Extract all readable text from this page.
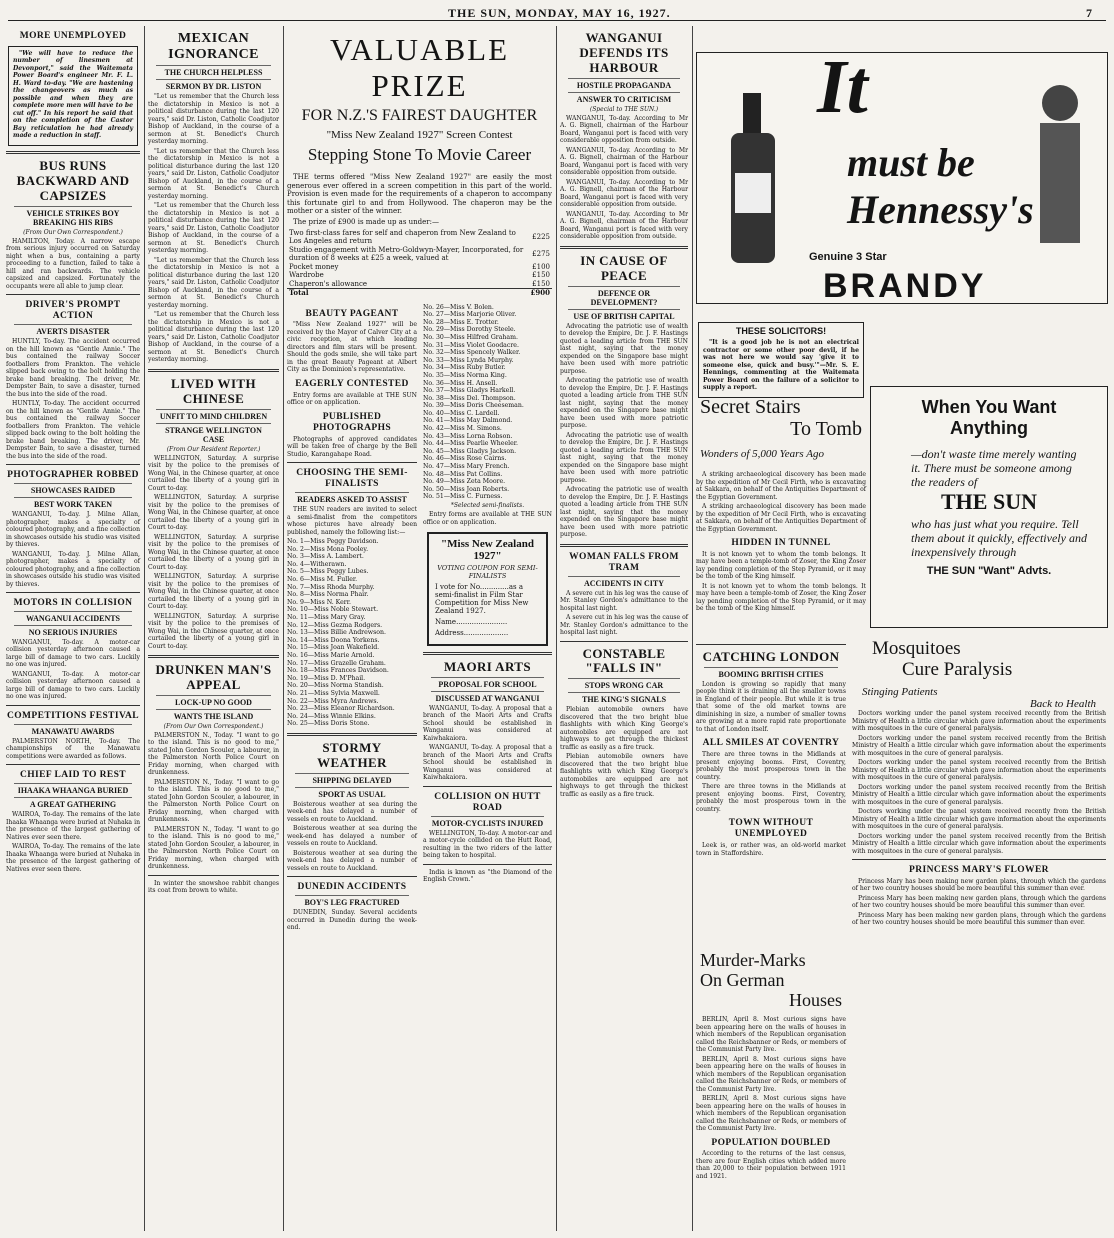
THE SUN, MONDAY, MAY 16, 1927.	7
MORE UNEMPLOYED

"We will have to reduce the number of linesmen at Devonport," said the Waitemata Power Board's engineer Mr. F. L. H. Ward to-day. "We are hastening the changeovers as much as possible and when they are complete more men will have to be cut off." In his report he said that on the completion of the Castor Bay reticulation he had already made a reduction in staff.

BUS RUNS BACKWARD AND CAPSIZES
VEHICLE STRIKES BOY BREAKING HIS RIBS

(From Our Own Correspondent.)

HAMILTON, Today. A narrow escape from serious injury occurred on Saturday night when a bus, containing a party proceeding to a function, failed to take a hill and ran backwards. The vehicle capsized and capsized. Fortunately the occupants were all able to jump clear.

DRIVER'S PROMPT ACTION
AVERTS DISASTER

HUNTLY, To-day. The accident occurred on the hill known as "Gentle Annie." The bus contained the railway Soccer footballers from Frankton. The vehicle slipped back owing to the bolt holding the brake band breaking. The driver, Mr. Dempster Bain, to save a disaster, turned the bus into the side of the road.

HUNTLY, To-day. The accident occurred on the hill known as "Gentle Annie." The bus contained the railway Soccer footballers from Frankton. The vehicle slipped back owing to the bolt holding the brake band breaking. The driver, Mr. Dempster Bain, to save a disaster, turned the bus into the side of the road.

PHOTOGRAPHER ROBBED
SHOWCASES RAIDED
BEST WORK TAKEN

WANGANUI, To-day. J. Milne Allan, photographer, makes a specialty of coloured photography, and a fine collection in showcases outside his studio was visited by thieves.

WANGANUI, To-day. J. Milne Allan, photographer, makes a specialty of coloured photography, and a fine collection in showcases outside his studio was visited by thieves.

MOTORS IN COLLISION
WANGANUI ACCIDENTS
NO SERIOUS INJURIES

WANGANUI, To-day. A motor-car collision yesterday afternoon caused a large bill of damage to two cars. Luckily no one was injured.

WANGANUI, To-day. A motor-car collision yesterday afternoon caused a large bill of damage to two cars. Luckily no one was injured.

COMPETITIONS FESTIVAL
MANAWATU AWARDS

PALMERSTON NORTH, To-day. The championships of the Manawatu competitions were awarded as follows.

CHIEF LAID TO REST
IHAAKA WHAANGA BURIED
A GREAT GATHERING

WAIROA, To-day. The remains of the late Ihaaka Whaanga were buried at Nuhaka in the presence of the largest gathering of Natives ever seen there.

WAIROA, To-day. The remains of the late Ihaaka Whaanga were buried at Nuhaka in the presence of the largest gathering of Natives ever seen there.

MEXICAN IGNORANCE
THE CHURCH HELPLESS
SERMON BY DR. LISTON

"Let us remember that the Church less the dictatorship in Mexico is not a political disturbance during the last 120 years," said Dr. Liston, Catholic Coadjutor Bishop of Auckland, in the course of a sermon at St. Benedict's Church yesterday morning.

"Let us remember that the Church less the dictatorship in Mexico is not a political disturbance during the last 120 years," said Dr. Liston, Catholic Coadjutor Bishop of Auckland, in the course of a sermon at St. Benedict's Church yesterday morning.

"Let us remember that the Church less the dictatorship in Mexico is not a political disturbance during the last 120 years," said Dr. Liston, Catholic Coadjutor Bishop of Auckland, in the course of a sermon at St. Benedict's Church yesterday morning.

"Let us remember that the Church less the dictatorship in Mexico is not a political disturbance during the last 120 years," said Dr. Liston, Catholic Coadjutor Bishop of Auckland, in the course of a sermon at St. Benedict's Church yesterday morning.

"Let us remember that the Church less the dictatorship in Mexico is not a political disturbance during the last 120 years," said Dr. Liston, Catholic Coadjutor Bishop of Auckland, in the course of a sermon at St. Benedict's Church yesterday morning.

LIVED WITH CHINESE
UNFIT TO MIND CHILDREN
STRANGE WELLINGTON CASE

(From Our Resident Reporter.)

WELLINGTON, Saturday. A surprise visit by the police to the premises of Wong Wai, in the Chinese quarter, at once curtailed the liberty of a young girl in Court to-day.

WELLINGTON, Saturday. A surprise visit by the police to the premises of Wong Wai, in the Chinese quarter, at once curtailed the liberty of a young girl in Court to-day.

WELLINGTON, Saturday. A surprise visit by the police to the premises of Wong Wai, in the Chinese quarter, at once curtailed the liberty of a young girl in Court to-day.

WELLINGTON, Saturday. A surprise visit by the police to the premises of Wong Wai, in the Chinese quarter, at once curtailed the liberty of a young girl in Court to-day.

WELLINGTON, Saturday. A surprise visit by the police to the premises of Wong Wai, in the Chinese quarter, at once curtailed the liberty of a young girl in Court to-day.

DRUNKEN MAN'S APPEAL
LOCK-UP NO GOOD
WANTS THE ISLAND

(From Our Own Correspondent.)

PALMERSTON N., Today. "I want to go to the island. This is no good to me," stated John Gordon Scouler, a labourer, in the Palmerston North Police Court on Friday morning, when charged with drunkenness.

PALMERSTON N., Today. "I want to go to the island. This is no good to me," stated John Gordon Scouler, a labourer, in the Palmerston North Police Court on Friday morning, when charged with drunkenness.

PALMERSTON N., Today. "I want to go to the island. This is no good to me," stated John Gordon Scouler, a labourer, in the Palmerston North Police Court on Friday morning, when charged with drunkenness.

In winter the snowshoe rabbit changes its coat from brown to white.

VALUABLE PRIZE
FOR N.Z.'S FAIREST DAUGHTER
"Miss New Zealand 1927" Screen Contest
Stepping Stone To Movie Career

THE terms offered "Miss New Zealand 1927" are easily the most generous ever offered in a screen competition in this part of the world. Provision is even made for the requirements of a chaperon to accompany this fortunate girl to and from Hollywood. The chaperon may be the mother or a sister of the winner.

The prize of £900 is made up as under:—

Two first-class fares for self and chaperon from New Zealand to Los Angeles and return	£225
Studio engagement with Metro-Goldwyn-Mayer, Incorporated, for duration of 8 weeks at £25 a week, valued at	£275
Pocket money	£100
Wardrobe	£150
Chaperon's allowance	£150
Total	£900
BEAUTY PAGEANT

"Miss New Zealand 1927" will be received by the Mayor of Calver City at a civic reception, at which leading directors and film stars will be present. Should the gods smile, she will take part in the great Beauty Pageant at Albert City as the Dominion's representative.

EAGERLY CONTESTED

Entry forms are available at THE SUN office or on application.

PUBLISHED PHOTOGRAPHS

Photographs of approved candidates will be taken free of charge by the Bell Studio, Karangahape Road.

CHOOSING THE SEMI-FINALISTS
READERS ASKED TO ASSIST

THE SUN readers are invited to select a semi-finalist from the competitors whose pictures have already been published, namely the following list:—

No. 1—Miss Peggy Davidson.
No. 2—Miss Mona Pooley.
No. 3—Miss A. Lambert.
No. 4—Witherawn.
No. 5—Miss Peggy Lubes.
No. 6—Miss M. Fuller.
No. 7—Miss Rhoda Murphy.
No. 8—Miss Norma Phair.
No. 9—Miss N. Kerr.
No. 10—Miss Noble Stewart.
No. 11—Miss Mary Gray.
No. 12—Miss Gezma Rodgers.
No. 13—Miss Billie Andrewson.
No. 14—Miss Doona Yorkens.
No. 15—Miss Joan Wakefield.
No. 16—Miss Marie Arnold.
No. 17—Miss Grazelle Graham.
No. 18—Miss Frances Davidson.
No. 19—Miss D. M'Phail.
No. 20—Miss Norma Standish.
No. 21—Miss Sylvia Maxwell.
No. 22—Miss Myra Andrews.
No. 23—Miss Eleanor Richardson.
No. 24—Miss Winnie Elkins.
No. 25—Miss Doris Stone.
STORMY WEATHER
SHIPPING DELAYED
SPORT AS USUAL

Boisterous weather at sea during the week-end has delayed a number of vessels en route to Auckland.

Boisterous weather at sea during the week-end has delayed a number of vessels en route to Auckland.

Boisterous weather at sea during the week-end has delayed a number of vessels en route to Auckland.

DUNEDIN ACCIDENTS
BOY'S LEG FRACTURED

DUNEDIN, Sunday. Several accidents occurred in Dunedin during the week-end.

No. 26—Miss V. Bolen.
No. 27—Miss Marjorie Oliver.
No. 28—Miss E. Trotter.
No. 29—Miss Dorothy Steele.
No. 30—Miss Hilfred Graham.
No. 31—Miss Violet Goodacre.
No. 32—Miss Spencely Walker.
No. 33—Miss Lynda Murphy.
No. 34—Miss Ruby Butler.
No. 35—Miss Norma King.
No. 36—Miss H. Ansell.
No. 37—Miss Gladys Harkell.
No. 38—Miss Del. Thompson.
No. 39—Miss Doris Cheeseman.
No. 40—Miss C. Lardell.
No. 41—Miss May Dalmond.
No. 42—Miss M. Simons.
No. 43—Miss Lorna Robson.
No. 44—Miss Pearlie Wheeler.
No. 45—Miss Gladys Jackson.
No. 46—Miss Rose Cairns.
No. 47—Miss Mary French.
No. 48—Miss Pat Collins.
No. 49—Miss Zeta Moore.
No. 50—Miss Joan Roberts.
No. 51—Miss C. Furness.

*Selected semi-finalists.

Entry forms are available at THE SUN office or on application.

"Miss New Zealand 1927"
VOTING COUPON FOR SEMI-FINALISTS
I vote for No.............as a semi-finalist in Film Star Competition for Miss New Zealand 1927.
Name.......................
Address....................
MAORI ARTS
PROPOSAL FOR SCHOOL
DISCUSSED AT WANGANUI

WANGANUI, To-day. A proposal that a branch of the Maori Arts and Crafts School should be established in Wanganui was considered at Kaiwhakaiora.

WANGANUI, To-day. A proposal that a branch of the Maori Arts and Crafts School should be established in Wanganui was considered at Kaiwhakaiora.

COLLISION ON HUTT ROAD
MOTOR-CYCLISTS INJURED

WELLINGTON, To-day. A motor-car and a motor-cycle collided on the Hutt Road, resulting in the two riders of the latter being taken to hospital.

India is known as "the Diamond of the English Crown."

WANGANUI DEFENDS ITS HARBOUR
HOSTILE PROPAGANDA
ANSWER TO CRITICISM

(Special to THE SUN.)

WANGANUI, To-day. According to Mr A. G. Bignell, chairman of the Harbour Board, Wanganui port is faced with very considerable opposition from outside.

WANGANUI, To-day. According to Mr A. G. Bignell, chairman of the Harbour Board, Wanganui port is faced with very considerable opposition from outside.

WANGANUI, To-day. According to Mr A. G. Bignell, chairman of the Harbour Board, Wanganui port is faced with very considerable opposition from outside.

WANGANUI, To-day. According to Mr A. G. Bignell, chairman of the Harbour Board, Wanganui port is faced with very considerable opposition from outside.

IN CAUSE OF PEACE
DEFENCE OR DEVELOPMENT?
USE OF BRITISH CAPITAL

Advocating the patriotic use of wealth to develop the Empire, Dr. J. F. Hastings quoted a leading article from THE SUN last night, saying that the money expended on the Singapore base might have been used with more patriotic purpose.

Advocating the patriotic use of wealth to develop the Empire, Dr. J. F. Hastings quoted a leading article from THE SUN last night, saying that the money expended on the Singapore base might have been used with more patriotic purpose.

Advocating the patriotic use of wealth to develop the Empire, Dr. J. F. Hastings quoted a leading article from THE SUN last night, saying that the money expended on the Singapore base might have been used with more patriotic purpose.

Advocating the patriotic use of wealth to develop the Empire, Dr. J. F. Hastings quoted a leading article from THE SUN last night, saying that the money expended on the Singapore base might have been used with more patriotic purpose.

WOMAN FALLS FROM TRAM
ACCIDENTS IN CITY

A severe cut in his leg was the cause of Mr. Stanley Gordon's admittance to the hospital last night.

A severe cut in his leg was the cause of Mr. Stanley Gordon's admittance to the hospital last night.

CONSTABLE "FALLS IN"
STOPS WRONG CAR
THE KING'S SIGNALS

Plebian automobile owners have discovered that the two bright blue flashlights with which King George's automobiles are equipped are not highways to get through the thickest traffic as easily as a fire truck.

Plebian automobile owners have discovered that the two bright blue flashlights with which King George's automobiles are equipped are not highways to get through the thickest traffic as easily as a fire truck.

It
must be Hennessy's
Genuine 3 Star
BRANDY
THESE SOLICITORS!

"It is a good job he is not an electrical contractor or some other poor devil, if he was not here we would say 'give it to someone else, quick and busy.'"—Mr. S. E. Hennings, commenting at the Waitemata Power Board on the failure of a solicitor to supply a report.

Secret Stairs
To Tomb
Wonders of 5,000 Years Ago

A striking archaeological discovery has been made by the expedition of Mr Cecil Firth, who is excavating at Sakkara, on behalf of the Antiquities Department of the Egyptian Government.

A striking archaeological discovery has been made by the expedition of Mr Cecil Firth, who is excavating at Sakkara, on behalf of the Antiquities Department of the Egyptian Government.

HIDDEN IN TUNNEL

It is not known yet to whom the tomb belongs. It may have been a temple-tomb of Zoser, the King Zoser lay pending completion of the Step Pyramid, or it may be the tomb of the King himself.

It is not known yet to whom the tomb belongs. It may have been a temple-tomb of Zoser, the King Zoser lay pending completion of the Step Pyramid, or it may be the tomb of the King himself.

When You Want
Anything
—don't waste time merely wanting it. There must be someone among the readers of
THE SUN
who has just what you require. Tell them about it quickly, effectively and inexpensively through
THE SUN "Want" Advts.
CATCHING LONDON
BOOMING BRITISH CITIES

London is growing so rapidly that many people think it is draining all the smaller towns in England of their people. But while it is true that some of the old market towns are diminishing in size, a number of smaller towns are growing at a more rapid rate proportionate to that of London itself.

ALL SMILES AT COVENTRY

There are three towns in the Midlands at present enjoying booms. First, Coventry, probably the most prosperous town in the country.

There are three towns in the Midlands at present enjoying booms. First, Coventry, probably the most prosperous town in the country.

TOWN WITHOUT UNEMPLOYED

Leek is, or rather was, an old-world market town in Staffordshire.

Murder-Marks
On German
Houses

BERLIN, April 8. Most curious signs have been appearing here on the walls of houses in which members of the Republican organisation called the Reichsbanner or Reds, or members of the Communist Party live.

BERLIN, April 8. Most curious signs have been appearing here on the walls of houses in which members of the Republican organisation called the Reichsbanner or Reds, or members of the Communist Party live.

BERLIN, April 8. Most curious signs have been appearing here on the walls of houses in which members of the Republican organisation called the Reichsbanner or Reds, or members of the Communist Party live.

POPULATION DOUBLED

According to the returns of the last census, there are four English cities which added more than 20,000 to their population between 1911 and 1921.

Mosquitoes
Cure Paralysis
Stinging Patients
Back to Health

Doctors working under the panel system received recently from the British Ministry of Health a little circular which gave information about the experiments with mosquitoes in the cure of general paralysis.

Doctors working under the panel system received recently from the British Ministry of Health a little circular which gave information about the experiments with mosquitoes in the cure of general paralysis.

Doctors working under the panel system received recently from the British Ministry of Health a little circular which gave information about the experiments with mosquitoes in the cure of general paralysis.

Doctors working under the panel system received recently from the British Ministry of Health a little circular which gave information about the experiments with mosquitoes in the cure of general paralysis.

Doctors working under the panel system received recently from the British Ministry of Health a little circular which gave information about the experiments with mosquitoes in the cure of general paralysis.

Doctors working under the panel system received recently from the British Ministry of Health a little circular which gave information about the experiments with mosquitoes in the cure of general paralysis.

PRINCESS MARY'S FLOWER

Princess Mary has been making new garden plans, through which the gardens of her two country houses should be more beautiful this summer than ever.

Princess Mary has been making new garden plans, through which the gardens of her two country houses should be more beautiful this summer than ever.

Princess Mary has been making new garden plans, through which the gardens of her two country houses should be more beautiful this summer than ever.
